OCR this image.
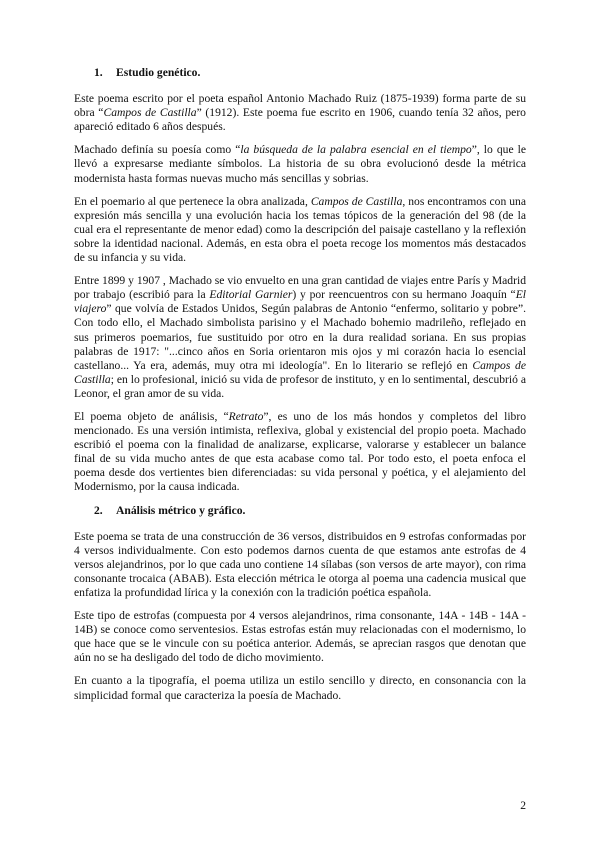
1. Estudio genético.

Este poema escrito por el poeta español Antonio Machado Ruiz (1875-1939) forma parte de su obra “Campos de Castilla” (1912). Este poema fue escrito en 1906, cuando tenía 32 años, pero apareció editado 6 años después.

Machado definía su poesía como “la búsqueda de la palabra esencial en el tiempo”, lo que le llevó a expresarse mediante símbolos. La historia de su obra evolucionó desde la métrica modernista hasta formas nuevas mucho más sencillas y sobrias.

En el poemario al que pertenece la obra analizada, Campos de Castilla, nos encontramos con una expresión más sencilla y una evolución hacia los temas tópicos de la generación del 98 (de la cual era el representante de menor edad) como la descripción del paisaje castellano y la reflexión sobre la identidad nacional. Además, en esta obra el poeta recoge los momentos más destacados de su infancia y su vida.

Entre 1899 y 1907 , Machado se vio envuelto en una gran cantidad de viajes entre París y Madrid por trabajo (escribió para la Editorial Garnier) y por reencuentros con su hermano Joaquín “El viajero” que volvía de Estados Unidos, Según palabras de Antonio “enfermo, solitario y pobre”. Con todo ello, el Machado simbolista parisino y el Machado bohemio madrileño, reflejado en sus primeros poemarios, fue sustituido por otro en la dura realidad soriana. En sus propias palabras de 1917: "...cinco años en Soria orientaron mis ojos y mi corazón hacia lo esencial castellano... Ya era, además, muy otra mi ideología". En lo literario se reflejó en Campos de Castilla; en lo profesional, inició su vida de profesor de instituto, y en lo sentimental, descubrió a Leonor, el gran amor de su vida.

El poema objeto de análisis, “Retrato”, es uno de los más hondos y completos del libro mencionado. Es una versión intimista, reflexiva, global y existencial del propio poeta. Machado escribió el poema con la finalidad de analizarse, explicarse, valorarse y establecer un balance final de su vida mucho antes de que esta acabase como tal. Por todo esto, el poeta enfoca el poema desde dos vertientes bien diferenciadas: su vida personal y poética, y el alejamiento del Modernismo, por la causa indicada.

2. Análisis métrico y gráfico.

Este poema se trata de una construcción de 36 versos, distribuidos en 9 estrofas conformadas por 4 versos individualmente. Con esto podemos darnos cuenta de que estamos ante estrofas de 4 versos alejandrinos, por lo que cada uno contiene 14 sílabas (son versos de arte mayor), con rima consonante trocaica (ABAB). Esta elección métrica le otorga al poema una cadencia musical que enfatiza la profundidad lírica y la conexión con la tradición poética española.

Este tipo de estrofas (compuesta por 4 versos alejandrinos, rima consonante, 14A - 14B - 14A - 14B) se conoce como serventesios. Estas estrofas están muy relacionadas con el modernismo, lo que hace que se le vincule con su poética anterior. Además, se aprecian rasgos que denotan que aún no se ha desligado del todo de dicho movimiento.

En cuanto a la tipografía, el poema utiliza un estilo sencillo y directo, en consonancia con la simplicidad formal que caracteriza la poesía de Machado.

2
